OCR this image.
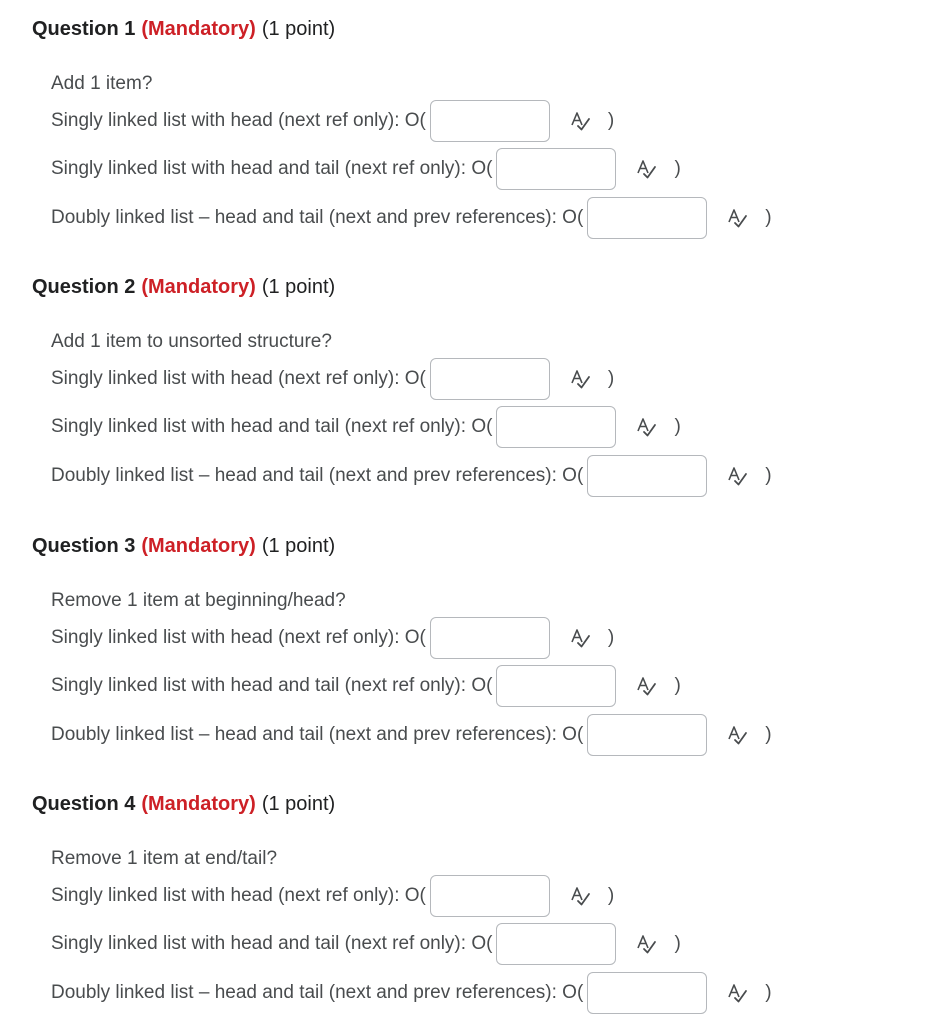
Question 1 (Mandatory) (1 point)
Add 1 item?
Singly linked list with head (next ref only): O(	)
Singly linked list with head and tail (next ref only): O(	)
Doubly linked list – head and tail (next and prev references): O(	)
Question 2 (Mandatory) (1 point)
Add 1 item to unsorted structure?
Singly linked list with head (next ref only): O(	)
Singly linked list with head and tail (next ref only): O(	)
Doubly linked list – head and tail (next and prev references): O(	)
Question 3 (Mandatory) (1 point)
Remove 1 item at beginning/head?
Singly linked list with head (next ref only): O(	)
Singly linked list with head and tail (next ref only): O(	)
Doubly linked list – head and tail (next and prev references): O(	)
Question 4 (Mandatory) (1 point)
Remove 1 item at end/tail?
Singly linked list with head (next ref only): O(	)
Singly linked list with head and tail (next ref only): O(	)
Doubly linked list – head and tail (next and prev references): O(	)
